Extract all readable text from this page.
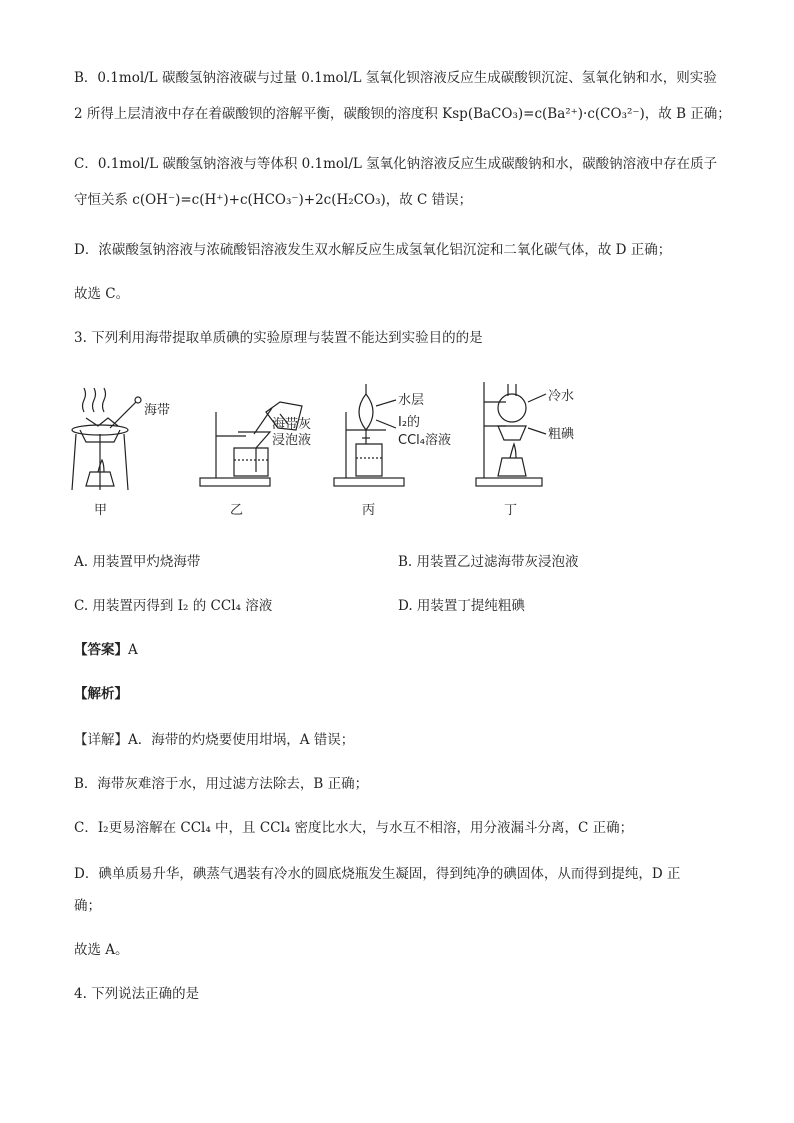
B．0.1mol/L 碳酸氢钠溶液碳与过量 0.1mol/L 氢氧化钡溶液反应生成碳酸钡沉淀、氢氧化钠和水，则实验
2 所得上层清液中存在着碳酸钡的溶解平衡，碳酸钡的溶度积 Ksp(BaCO₃)=c(Ba²⁺)·c(CO₃²⁻)，故 B 正确；
C．0.1mol/L 碳酸氢钠溶液与等体积 0.1mol/L 氢氧化钠溶液反应生成碳酸钠和水，碳酸钠溶液中存在质子
守恒关系 c(OH⁻)=c(H⁺)+c(HCO₃⁻)+2c(H₂CO₃)，故 C 错误；
D．浓碳酸氢钠溶液与浓硫酸铝溶液发生双水解反应生成氢氧化铝沉淀和二氧化碳气体，故 D 正确；
故选 C。
3. 下列利用海带提取单质碘的实验原理与装置不能达到实验目的的是
海带
海带灰
浸泡液
水层
I₂的
CCl₄溶液
冷水
粗碘
甲	乙	丙	丁
A. 用装置甲灼烧海带	B. 用装置乙过滤海带灰浸泡液
C. 用装置丙得到 I₂ 的 CCl₄ 溶液	D. 用装置丁提纯粗碘
【答案】A
【解析】
【详解】A．海带的灼烧要使用坩埚，A 错误；
B．海带灰难溶于水，用过滤方法除去，B 正确；
C．I₂更易溶解在 CCl₄ 中，且 CCl₄ 密度比水大，与水互不相溶，用分液漏斗分离，C 正确；
D．碘单质易升华，碘蒸气遇装有冷水的圆底烧瓶发生凝固，得到纯净的碘固体，从而得到提纯，D 正
确；
故选 A。
4. 下列说法正确的是
